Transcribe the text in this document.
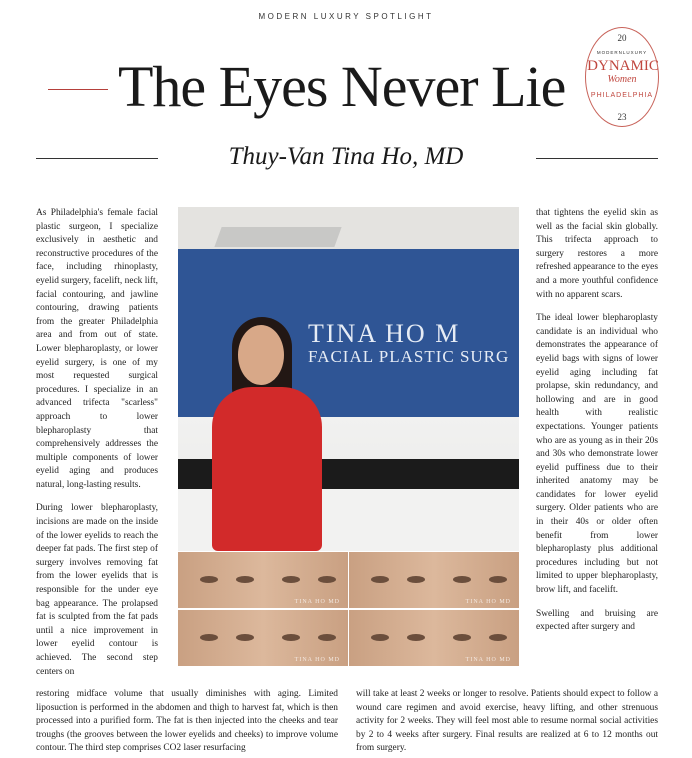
MODERN LUXURY SPOTLIGHT
The Eyes Never Lie
20
MODERNLUXURY
DYNAMIC
Women
PHILADELPHIA
23
Thuy-Van Tina Ho, MD

As Philadelphia's female facial plastic surgeon, I specialize exclusively in aesthetic and reconstructive procedures of the face, including rhinoplasty, eyelid surgery, facelift, neck lift, facial contouring, and jawline contouring, drawing patients from the greater Philadelphia area and from out of state. Lower blepharoplasty, or lower eyelid surgery, is one of my most requested surgical procedures. I specialize in an advanced trifecta "scarless" approach to lower blepharoplasty that comprehensively addresses the multiple components of lower eyelid aging and produces natural, long-lasting results.

During lower blepharoplasty, incisions are made on the inside of the lower eyelids to reach the deeper fat pads. The first step of surgery involves removing fat from the lower eyelids that is responsible for the under eye bag appearance. The prolapsed fat is sculpted from the fat pads until a nice improvement in lower eyelid contour is achieved. The second step centers on

TINA HO M
FACIAL PLASTIC SURG
TINA HO MD	TINA HO MD
TINA HO MD	TINA HO MD

that tightens the eyelid skin as well as the facial skin globally. This trifecta approach to surgery restores a more refreshed appearance to the eyes and a more youthful confidence with no apparent scars.

The ideal lower blepharoplasty candidate is an individual who demonstrates the appearance of eyelid bags with signs of lower eyelid aging including fat prolapse, skin redundancy, and hollowing and are in good health with realistic expectations. Younger patients who are as young as in their 20s and 30s who demonstrate lower eyelid puffiness due to their inherited anatomy may be candidates for lower eyelid surgery. Older patients who are in their 40s or older often benefit from lower blepharoplasty plus additional procedures including but not limited to upper blepharoplasty, brow lift, and facelift.

Swelling and bruising are expected after surgery and

restoring midface volume that usually diminishes with aging. Limited liposuction is performed in the abdomen and thigh to harvest fat, which is then processed into a purified form. The fat is then injected into the cheeks and tear troughs (the grooves between the lower eyelids and cheeks) to improve volume contour. The third step comprises CO2 laser resurfacing
will take at least 2 weeks or longer to resolve. Patients should expect to follow a wound care regimen and avoid exercise, heavy lifting, and other strenuous activity for 2 weeks. They will feel most able to resume normal social activities by 2 to 4 weeks after surgery. Final results are realized at 6 to 12 months out from surgery.
